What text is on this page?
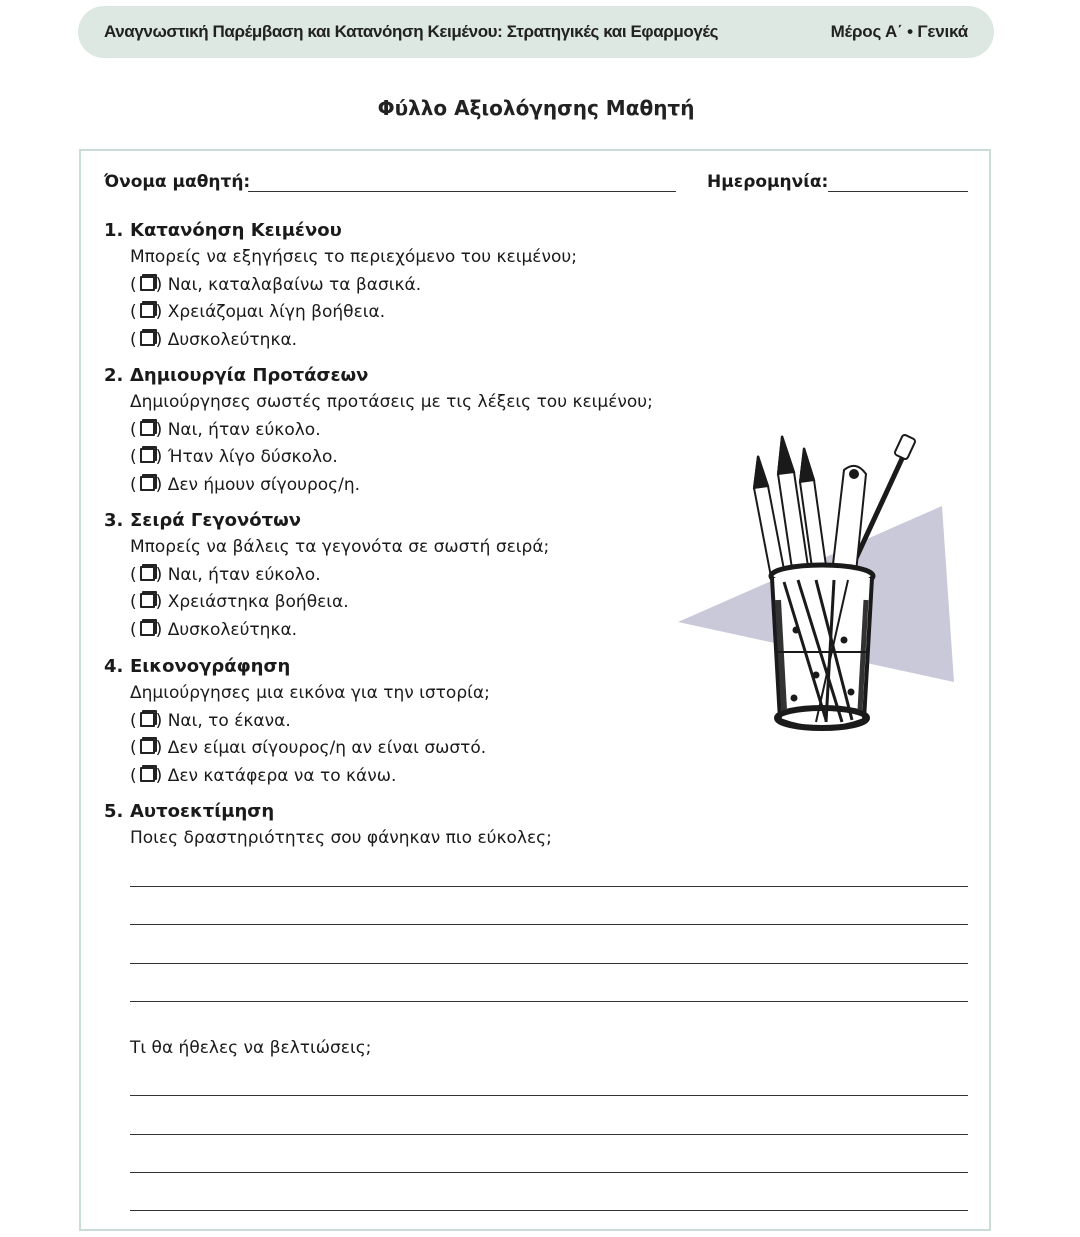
Αναγνωστική Παρέμβαση και Κατανόηση Κειμένου: Στρατηγικές και Εφαρμογές	Μέρος Α΄ • Γενικά
Φύλλο Αξιολόγησης Μαθητή
Όνομα μαθητή:	Ημερομηνία:
1. Κατανόηση Κειμένου
Μπορείς να εξηγήσεις το περιεχόμενο του κειμένου;
( ) Ναι, καταλαβαίνω τα βασικά.
( ) Χρειάζομαι λίγη βοήθεια.
( ) Δυσκολεύτηκα.
2. Δημιουργία Προτάσεων
Δημιούργησες σωστές προτάσεις με τις λέξεις του κειμένου;
( ) Ναι, ήταν εύκολο.
( ) Ήταν λίγο δύσκολο.
( ) Δεν ήμουν σίγουρος/η.
3. Σειρά Γεγονότων
Μπορείς να βάλεις τα γεγονότα σε σωστή σειρά;
( ) Ναι, ήταν εύκολο.
( ) Χρειάστηκα βοήθεια.
( ) Δυσκολεύτηκα.
4. Εικονογράφηση
Δημιούργησες μια εικόνα για την ιστορία;
( ) Ναι, το έκανα.
( ) Δεν είμαι σίγουρος/η αν είναι σωστό.
( ) Δεν κατάφερα να το κάνω.
5. Αυτοεκτίμηση
Ποιες δραστηριότητες σου φάνηκαν πιο εύκολες;
Τι θα ήθελες να βελτιώσεις;
